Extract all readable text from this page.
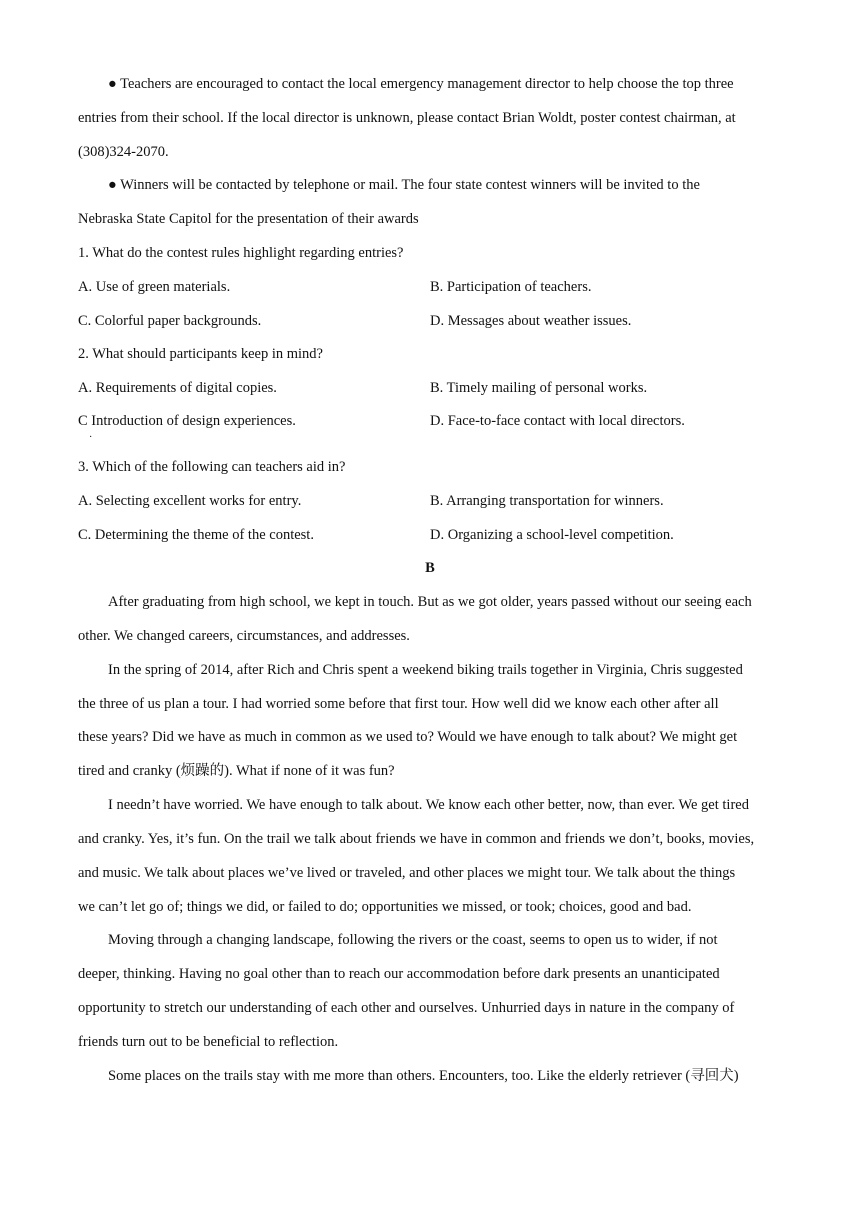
● Teachers are encouraged to contact the local emergency management director to help choose the top three
entries from their school. If the local director is unknown, please contact Brian Woldt, poster contest chairman, at
(308)324-2070.
● Winners will be contacted by telephone or mail. The four state contest winners will be invited to the
Nebraska State Capitol for the presentation of their awards
1. What do the contest rules highlight regarding entries?
A. Use of green materials.	B. Participation of teachers.
C. Colorful paper backgrounds.	D. Messages about weather issues.
2. What should participants keep in mind?
A. Requirements of digital copies.	B. Timely mailing of personal works.
C Introduction of design experiences.	D. Face-to-face contact with local directors.
·
3. Which of the following can teachers aid in?
A. Selecting excellent works for entry.	B. Arranging transportation for winners.
C. Determining the theme of the contest.	D. Organizing a school-level competition.
B
After graduating from high school, we kept in touch. But as we got older, years passed without our seeing each
other. We changed careers, circumstances, and addresses.
In the spring of 2014, after Rich and Chris spent a weekend biking trails together in Virginia, Chris suggested
the three of us plan a tour. I had worried some before that first tour. How well did we know each other after all
these years? Did we have as much in common as we used to? Would we have enough to talk about? We might get
tired and cranky (烦躁的). What if none of it was fun?
I needn’t have worried. We have enough to talk about. We know each other better, now, than ever. We get tired
and cranky. Yes, it’s fun. On the trail we talk about friends we have in common and friends we don’t, books, movies,
and music. We talk about places we’ve lived or traveled, and other places we might tour. We talk about the things
we can’t let go of; things we did, or failed to do; opportunities we missed, or took; choices, good and bad.
Moving through a changing landscape, following the rivers or the coast, seems to open us to wider, if not
deeper, thinking. Having no goal other than to reach our accommodation before dark presents an unanticipated
opportunity to stretch our understanding of each other and ourselves. Unhurried days in nature in the company of
friends turn out to be beneficial to reflection.
Some places on the trails stay with me more than others. Encounters, too. Like the elderly retriever (寻回犬)
